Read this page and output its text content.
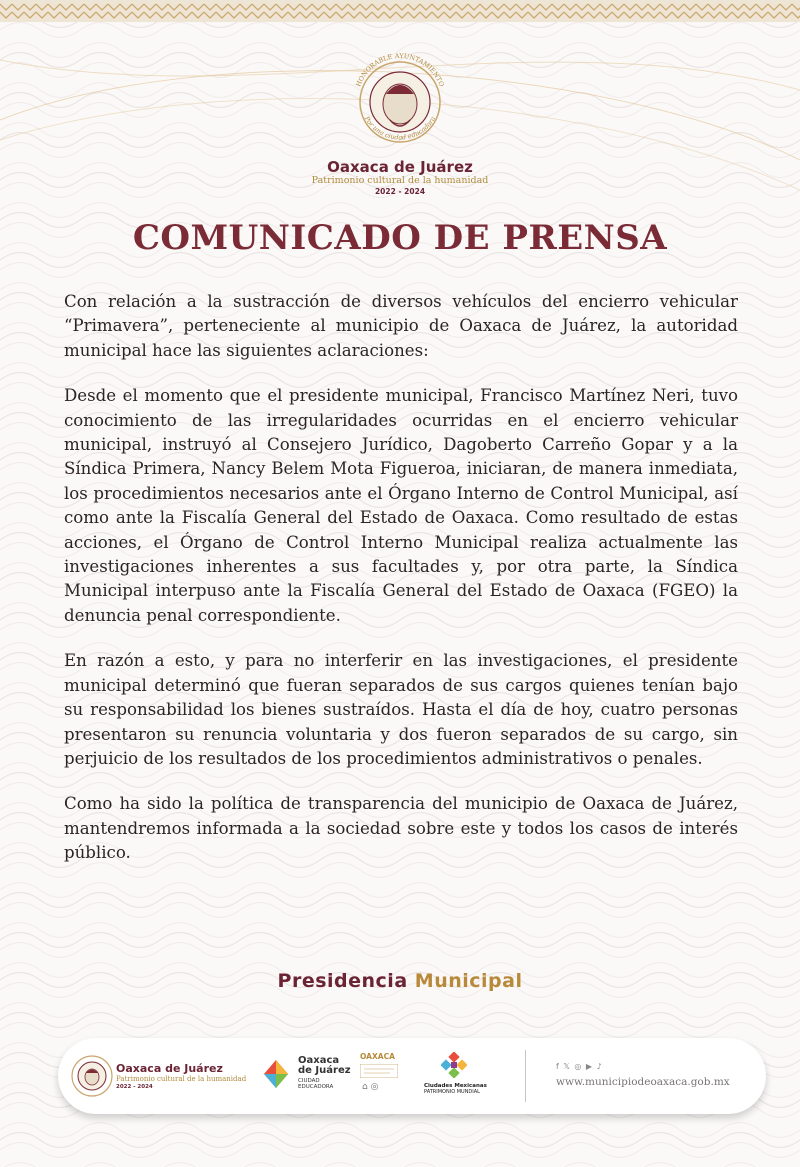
HONORABLE AYUNTAMIENTO
Por una ciudad educadora
Oaxaca de Juárez
Patrimonio cultural de la humanidad
2022 - 2024
COMUNICADO DE PRENSA

Con relación a la sustracción de diversos vehículos del encierro vehicular “Primavera”, perteneciente al municipio de Oaxaca de Juárez, la autoridad municipal hace las siguientes aclaraciones:

Desde el momento que el presidente municipal, Francisco Martínez Neri, tuvo conocimiento de las irregularidades ocurridas en el encierro vehicular municipal, instruyó al Consejero Jurídico, Dagoberto Carreño Gopar y a la Síndica Primera, Nancy Belem Mota Figueroa, iniciaran, de manera inmediata, los procedimientos necesarios ante el Órgano Interno de Control Municipal, así como ante la Fiscalía General del Estado de Oaxaca. Como resultado de estas acciones, el Órgano de Control Interno Municipal realiza actualmente las investigaciones inherentes a sus facultades y, por otra parte, la Síndica Municipal interpuso ante la Fiscalía General del Estado de Oaxaca (FGEO) la denuncia penal correspondiente.

En razón a esto, y para no interferir en las investigaciones, el presidente municipal determinó que fueran separados de sus cargos quienes tenían bajo su responsabilidad los bienes sustraídos. Hasta el día de hoy, cuatro personas presentaron su renuncia voluntaria y dos fueron separados de su cargo, sin perjuicio de los resultados de los procedimientos administrativos o penales.

Como ha sido la política de transparencia del municipio de Oaxaca de Juárez, mantendremos informada a la sociedad sobre este y todos los casos de interés público.

Presidencia Municipal
Oaxaca de Juárez
Patrimonio cultural de la humanidad
2022 - 2024
Oaxaca
de Juárez
CIUDAD
EDUCADORA
OAXACA
⌂ ◎	Ciudades Mexicanas
PATRIMONIO MUNDIAL
f 𝕏 ◎ ▶ ♪
www.municipiodeoaxaca.gob.mx
